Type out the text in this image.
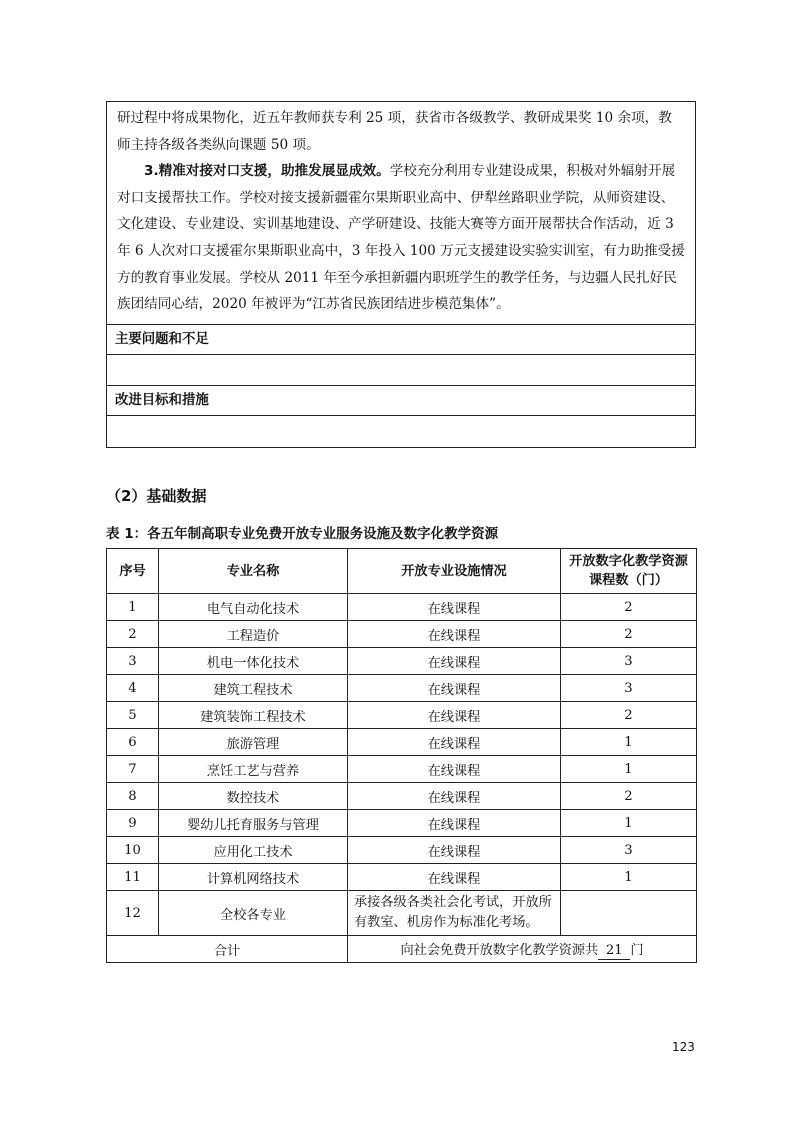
研过程中将成果物化，近五年教师获专利 25 项，获省市各级教学、教研成果奖 10 余项，教师主持各级各类纵向课题 50 项。

3.精准对接对口支援，助推发展显成效。学校充分利用专业建设成果，积极对外辐射开展对口支援帮扶工作。学校对接支援新疆霍尔果斯职业高中、伊犁丝路职业学院，从师资建设、文化建设、专业建设、实训基地建设、产学研建设、技能大赛等方面开展帮扶合作活动，近 3 年 6 人次对口支援霍尔果斯职业高中，3 年投入 100 万元支援建设实验实训室，有力助推受援方的教育事业发展。学校从 2011 年至今承担新疆内职班学生的教学任务，与边疆人民扎好民族团结同心结，2020 年被评为“江苏省民族团结进步模范集体”。

主要问题和不足
改进目标和措施
（2）基础数据
表 1：各五年制高职专业免费开放专业服务设施及数字化教学资源
序号	专业名称	开放专业设施情况	开放数字化教学资源课程数（门）
1	电气自动化技术	在线课程	2
2	工程造价	在线课程	2
3	机电一体化技术	在线课程	3
4	建筑工程技术	在线课程	3
5	建筑装饰工程技术	在线课程	2
6	旅游管理	在线课程	1
7	烹饪工艺与营养	在线课程	1
8	数控技术	在线课程	2
9	婴幼儿托育服务与管理	在线课程	1
10	应用化工技术	在线课程	3
11	计算机网络技术	在线课程	1
12	全校各专业	承接各级各类社会化考试，开放所有教室、机房作为标准化考场。	
合计		向社会免费开放数字化教学资源共 21 门	
123
